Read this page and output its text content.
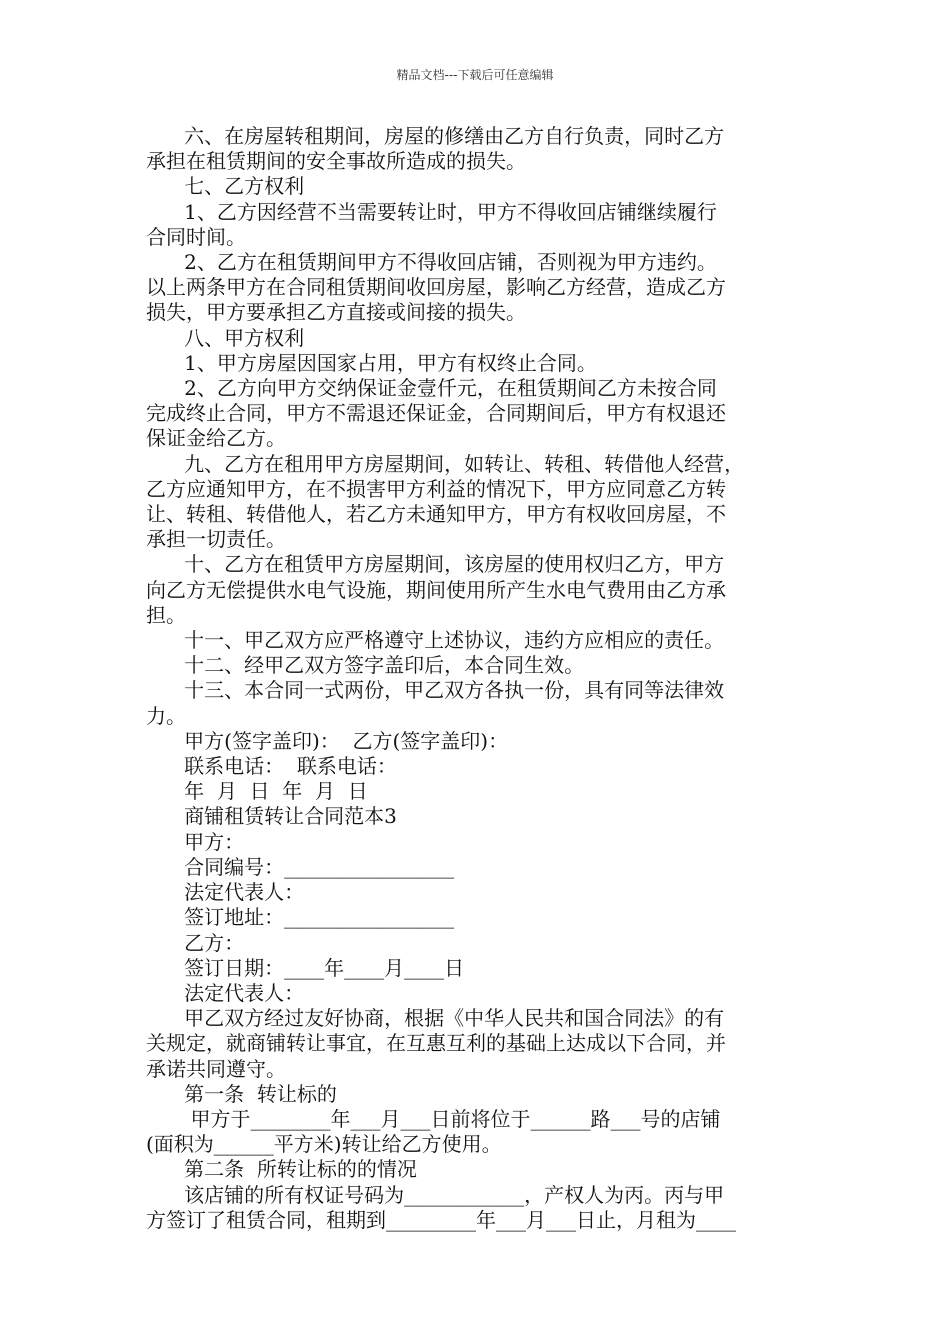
精品文档---下载后可任意编辑

六、在房屋转租期间，房屋的修缮由乙方自行负责，同时乙方

承担在租赁期间的安全事故所造成的损失。

七、乙方权利

1、乙方因经营不当需要转让时，甲方不得收回店铺继续履行

合同时间。

2、乙方在租赁期间甲方不得收回店铺，否则视为甲方违约。

以上两条甲方在合同租赁期间收回房屋，影响乙方经营，造成乙方

损失，甲方要承担乙方直接或间接的损失。

八、甲方权利

1、甲方房屋因国家占用，甲方有权终止合同。

2、乙方向甲方交纳保证金壹仟元，在租赁期间乙方未按合同

完成终止合同，甲方不需退还保证金，合同期间后，甲方有权退还

保证金给乙方。

九、乙方在租用甲方房屋期间，如转让、转租、转借他人经营，

乙方应通知甲方，在不损害甲方利益的情况下，甲方应同意乙方转

让、转租、转借他人，若乙方未通知甲方，甲方有权收回房屋，不

承担一切责任。

十、乙方在租赁甲方房屋期间，该房屋的使用权归乙方，甲方

向乙方无偿提供水电气设施，期间使用所产生水电气费用由乙方承

担。

十一、甲乙双方应严格遵守上述协议，违约方应相应的责任。

十二、经甲乙双方签字盖印后，本合同生效。

十三、本合同一式两份，甲乙双方各执一份，具有同等法律效

力。

甲方(签字盖印)：  乙方(签字盖印)：

联系电话：  联系电话：

年  月  日  年  月  日

商铺租赁转让合同范本3

甲方：

合同编号：_________________

法定代表人：

签订地址：_________________

乙方：

签订日期：____年____月____日

法定代表人：

甲乙双方经过友好协商，根据《中华人民共和国合同法》的有

关规定，就商铺转让事宜，在互惠互利的基础上达成以下合同，并

承诺共同遵守。

第一条  转让标的

甲方于________年___月___日前将位于______路___号的店铺

(面积为______平方米)转让给乙方使用。

第二条  所转让标的的情况

该店铺的所有权证号码为____________，产权人为丙。丙与甲

方签订了租赁合同，租期到_________年___月___日止，月租为____
